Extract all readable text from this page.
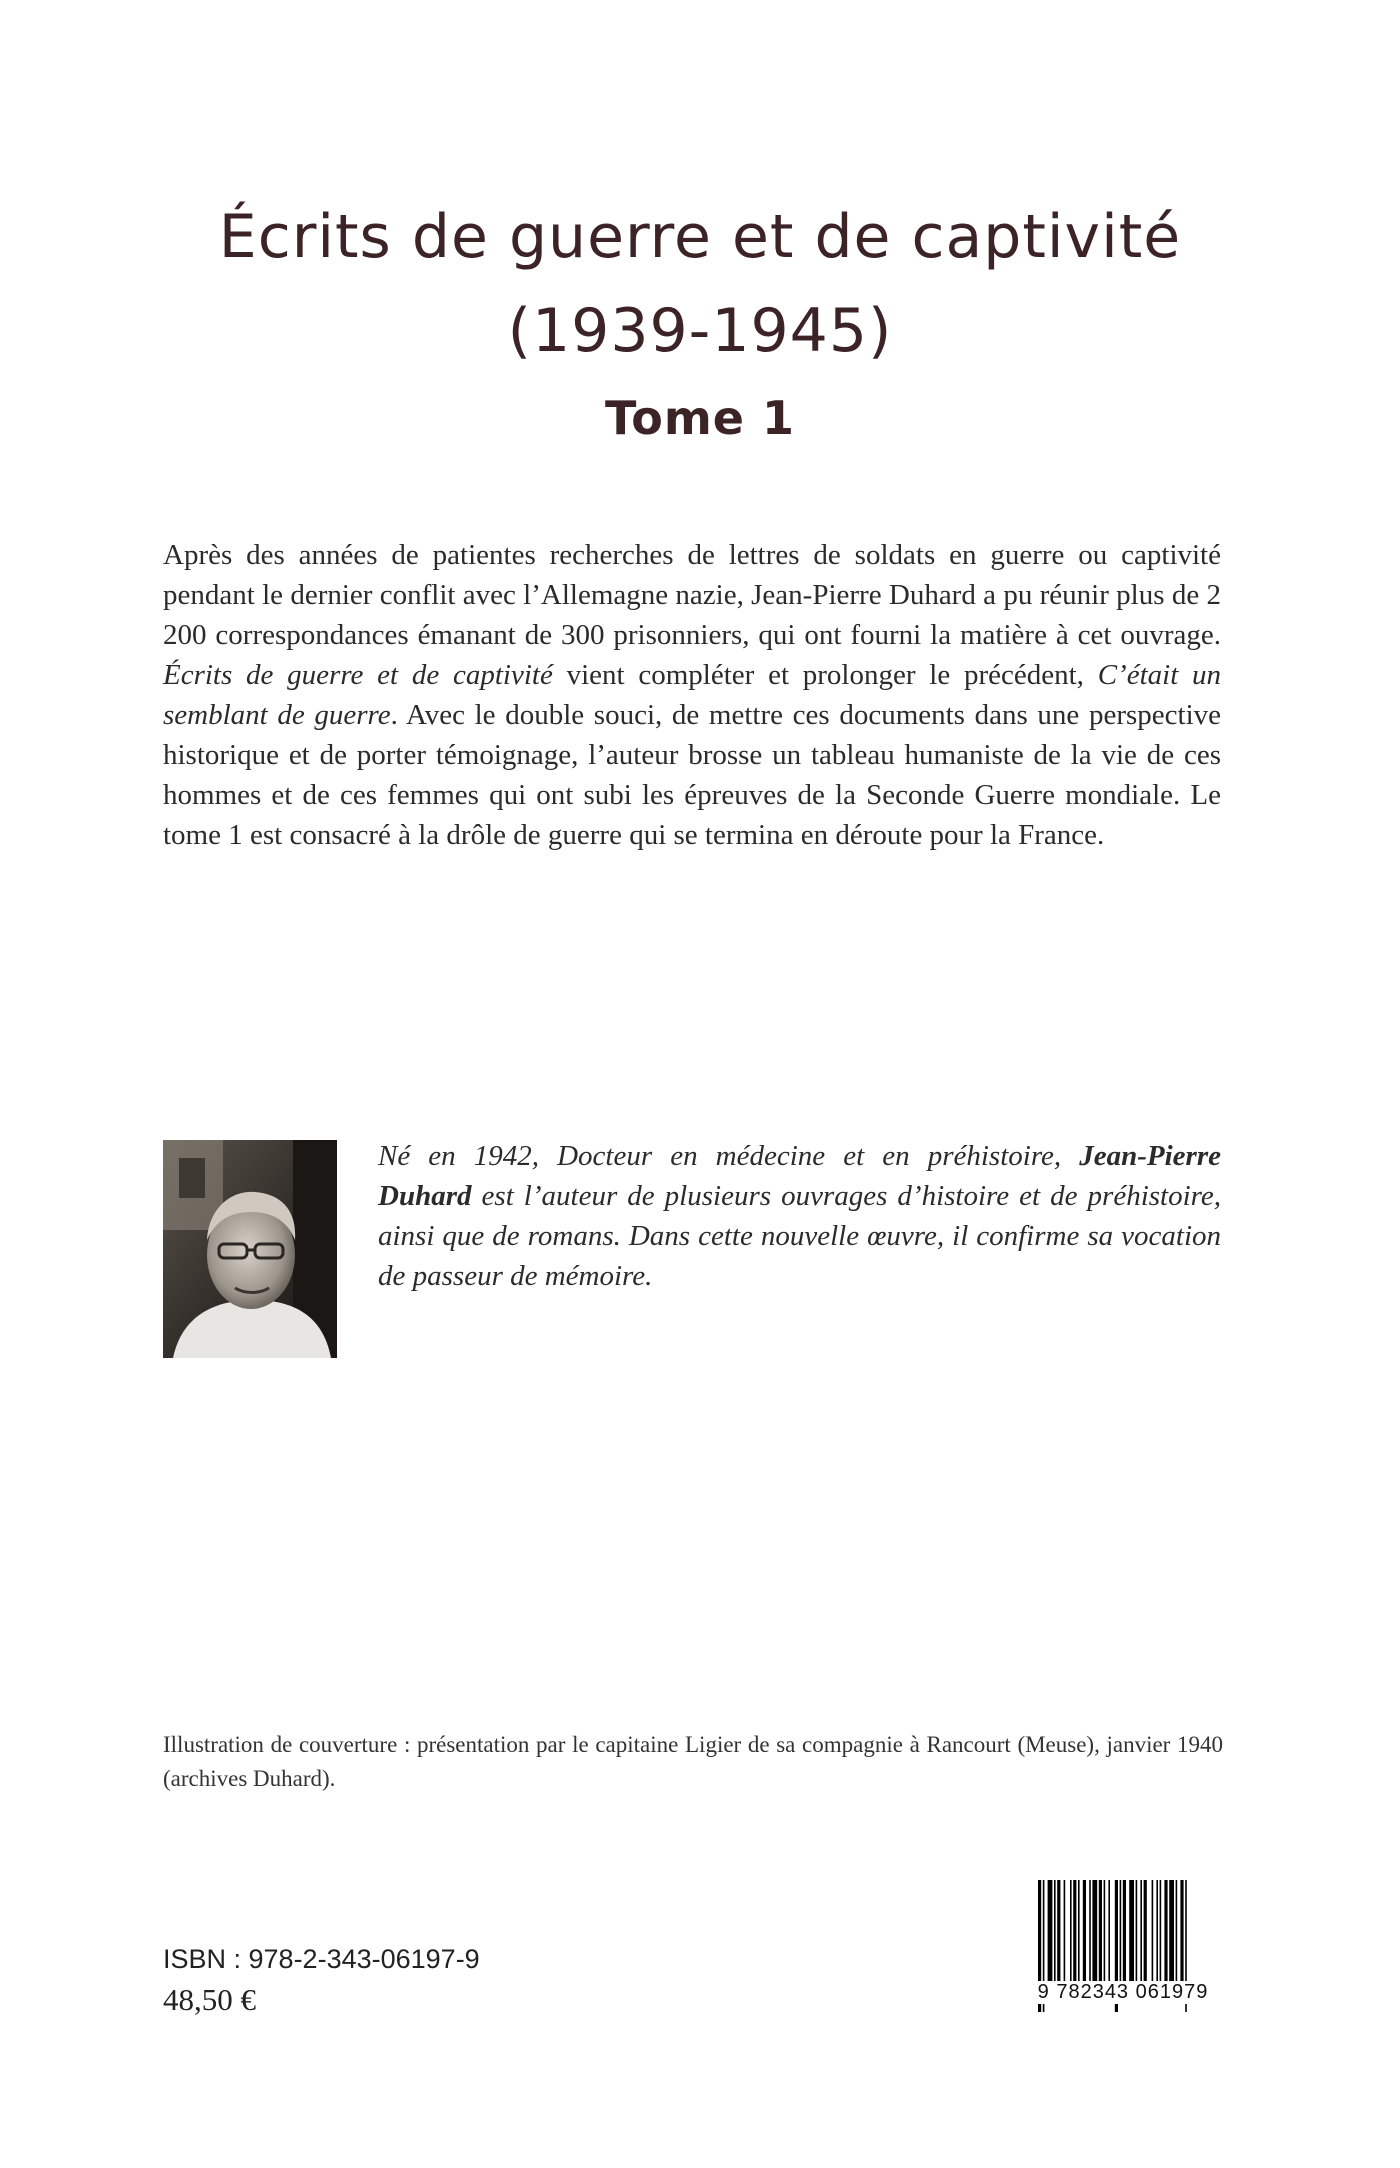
Écrits de guerre et de captivité
(1939-1945)
Tome 1

Après des années de patientes recherches de lettres de soldats en guerre ou captivité pendant le dernier conflit avec l’Allemagne nazie, Jean-Pierre Duhard a pu réunir plus de 2 200 correspondances émanant de 300 prisonniers, qui ont fourni la matière à cet ouvrage. Écrits de guerre et de captivité vient compléter et prolonger le précédent, C’était un semblant de guerre. Avec le double souci, de mettre ces documents dans une perspective historique et de porter témoignage, l’auteur brosse un tableau humaniste de la vie de ces hommes et de ces femmes qui ont subi les épreuves de la Seconde Guerre mondiale. Le tome 1 est consacré à la drôle de guerre qui se termina en déroute pour la France.

Né en 1942, Docteur en médecine et en préhistoire, Jean-Pierre Duhard est l’auteur de plusieurs ouvrages d’histoire et de préhistoire, ainsi que de romans. Dans cette nouvelle œuvre, il confirme sa vocation de passeur de mémoire.

Illustration de couverture : présentation par le capitaine Ligier de sa compagnie à Rancourt (Meuse), janvier 1940 (archives Duhard).

ISBN : 978-2-343-06197-9
48,50 €	9 782343 061979
